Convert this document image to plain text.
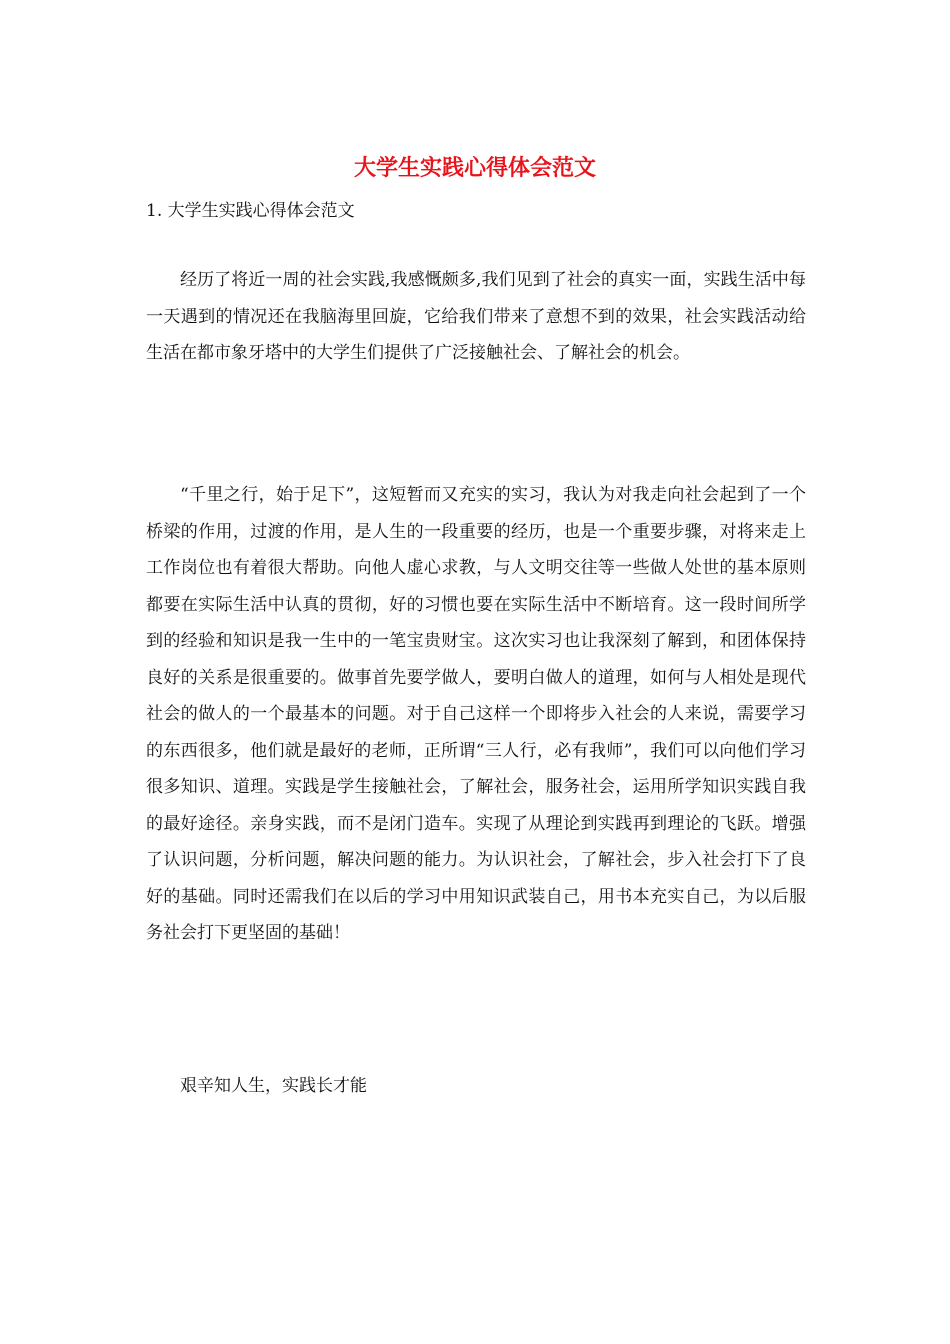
大学生实践心得体会范文

1. 大学生实践心得体会范文

经历了将近一周的社会实践,我感慨颇多,我们见到了社会的真实一面，实践生活中每一天遇到的情况还在我脑海里回旋，它给我们带来了意想不到的效果，社会实践活动给生活在都市象牙塔中的大学生们提供了广泛接触社会、了解社会的机会。

“千里之行，始于足下”，这短暂而又充实的实习，我认为对我走向社会起到了一个桥梁的作用，过渡的作用，是人生的一段重要的经历，也是一个重要步骤，对将来走上工作岗位也有着很大帮助。向他人虚心求教，与人文明交往等一些做人处世的基本原则都要在实际生活中认真的贯彻，好的习惯也要在实际生活中不断培育。这一段时间所学到的经验和知识是我一生中的一笔宝贵财宝。这次实习也让我深刻了解到，和团体保持良好的关系是很重要的。做事首先要学做人，要明白做人的道理，如何与人相处是现代社会的做人的一个最基本的问题。对于自己这样一个即将步入社会的人来说，需要学习的东西很多，他们就是最好的老师，正所谓“三人行，必有我师”，我们可以向他们学习很多知识、道理。实践是学生接触社会，了解社会，服务社会，运用所学知识实践自我的最好途径。亲身实践，而不是闭门造车。实现了从理论到实践再到理论的飞跃。增强了认识问题，分析问题，解决问题的能力。为认识社会，了解社会，步入社会打下了良好的基础。同时还需我们在以后的学习中用知识武装自己，用书本充实自己，为以后服务社会打下更坚固的基础！

艰辛知人生，实践长才能
